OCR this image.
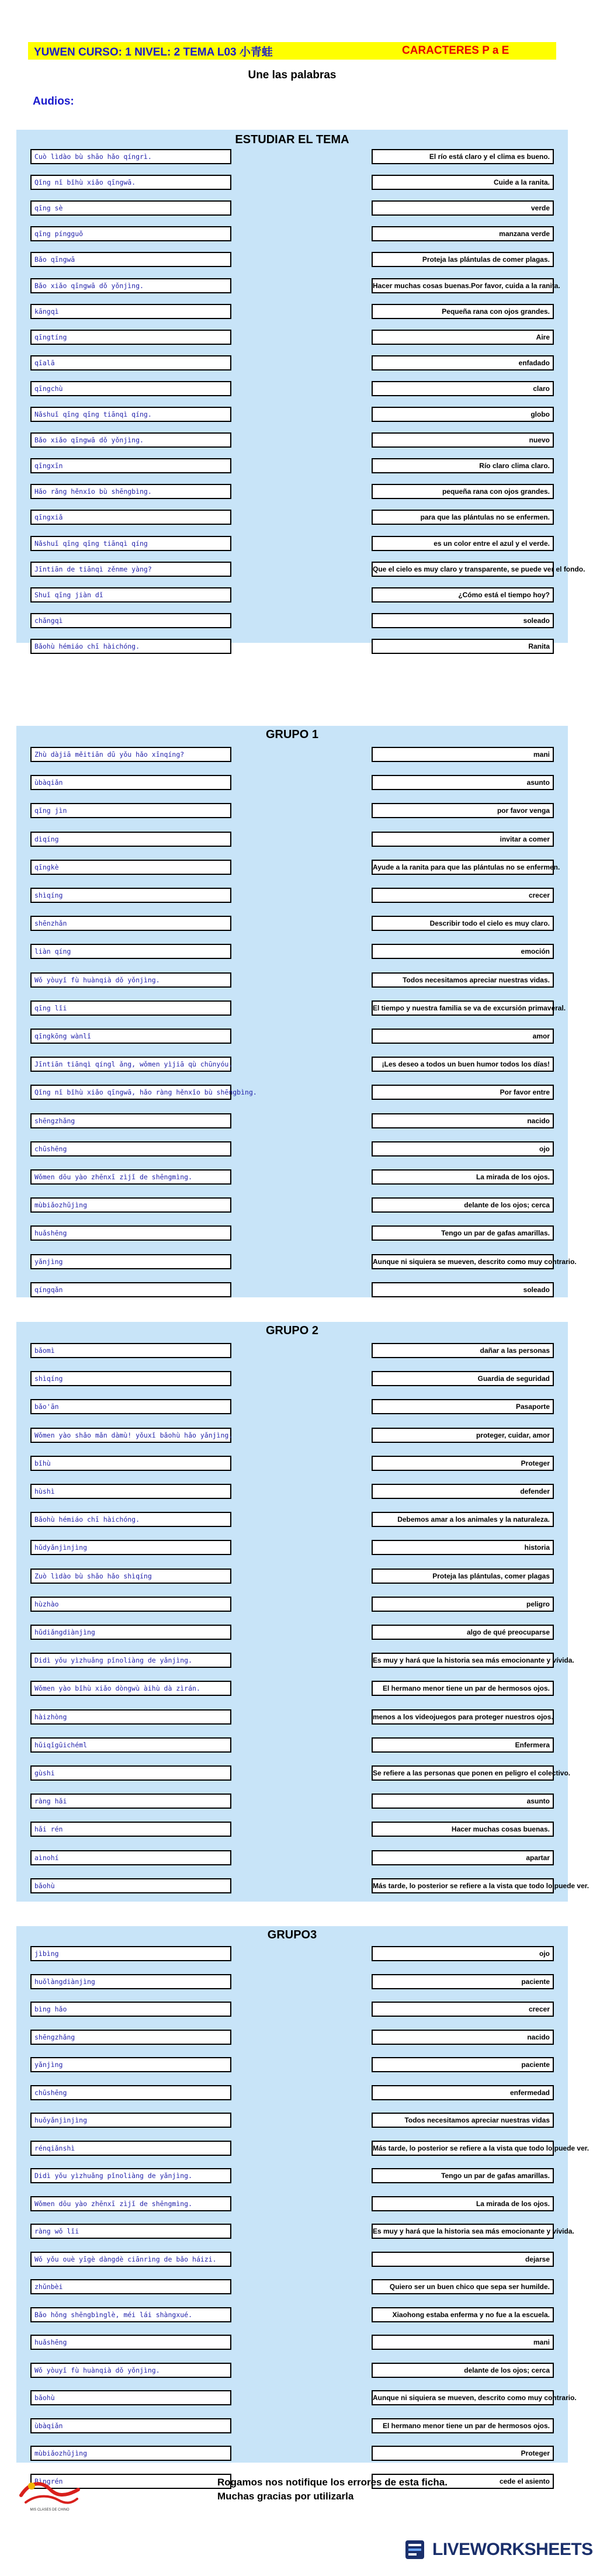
YUWEN CURSO: 1 NIVEL: 2 TEMA L03 小青蛙	CARACTERES P a E
Une las palabras
Audios:
ESTUDIAR EL TEMA
Cuò lìdào bù shāo hǎo qíngrì.	El río está claro y el clima es bueno.
Qǐng nǐ bǐhù xiǎo qīngwā.	Cuide a la ranita.
qīng sè	verde
qīng píngguǒ	manzana verde
Bǎo qīngwā	Proteja las plántulas de comer plagas.
Bǎo xiǎo qīngwā dǒ yǒnjìng.	Hacer muchas cosas buenas.Por favor, cuida a la ranita.
kāngqì	Pequeña rana con ojos grandes.
qīngtíng	Aire
qīalā	enfadado
qīngchù	claro
Nǎshuǐ qīng qīng tiānqì qíng.	globo
Bǎo xiǎo qīngwā dǒ yǒnjìng.	nuevo
qīngxīn	Río claro clima claro.
Hǎo rǎng hěnxǐo bù shēngbìng.	pequeña rana con ojos grandes.
qīngxiǎ	para que las plántulas no se enfermen.
Nǎshuǐ qīng qīng tiānqì qíng	es un color entre el azul y el verde.
Jīntiān de tiānqì zěnme yàng?	Que el cielo es muy claro y transparente, se puede ver el fondo.
Shuǐ qīng jiàn dǐ	¿Cómo está el tiempo hoy?
chǎngqì	soleado
Bǎohù hémiáo chī hàichóng.	Ranita
GRUPO 1
Zhù dàjiā měitiān dū yǒu hǎo xīnqíng?	mani
ùbàqiǎn	asunto
qǐng jìn	por favor venga
dìqíng	invitar a comer
qīngkè	Ayude a la ranita para que las plántulas no se enfermen.
shìqíng	crecer
shēnzhǎn	Describir todo el cielo es muy claro.
liàn qíng	emoción
Wǒ yòuyǐ fù huànqià dǒ yǒnjìng.	Todos necesitamos apreciar nuestras vidas.
qīng lǐi	El tiempo y nuestra familia se va de excursión primaveral.
qīngkōng wànlǐ	amor
Jīntiān tiānqì qíngl ǎng, wǒmen yìjiā qù chūnyóu.	¡Les deseo a todos un buen humor todos los días!
Qǐng nǐ bǐhù xiǎo qīngwā, hǎo ràng hěnxǐo bù shēngbìng.	Por favor entre
shēngzhǎng	nacido
chūshēng	ojo
Wǒmen dōu yào zhēnxī zìjǐ de shēngmìng.	La mirada de los ojos.
mùbiǎozhǔjìng	delante de los ojos; cerca
huǎshēng	Tengo un par de gafas amarillas.
yǎnjìng	Aunque ni siquiera se mueven, descrito como muy contrario.
qíngqǎn	soleado
GRUPO 2
bǎomì	dañar a las personas
shìqíng	Guardia de seguridad
bǎo'ān	Pasaporte
Wǒmen yào shǎo mǎn dàmù! yǒuxǐ bǎohù hǎo yǎnjìng.	proteger, cuidar, amor
bǐhù	Proteger
hùshì	defender
Bǎohù hémiáo chī hàichóng.	Debemos amar a los animales y la naturaleza.
hǔdyǎnjìnjìng	historia
Zuò lìdào bù shǎo hǎo shìqíng	Proteja las plántulas, comer plagas
hùzhào	peligro
hǔdiǎngdiànjìng	algo de qué preocuparse
Didì yǒu yìzhuǎng pǐnoliàng de yǎnjìng.	Es muy y hará que la historia sea más emocionante y vívida.
Wǒmen yào bǐhù xiǎo dòngwù àihù dà zìrán.	El hermano menor tiene un par de hermosos ojos.
hàizhòng	menos a los videojuegos para proteger nuestros ojos.
hǔiqǐgūichéml	Enfermera
gùshi	Se refiere a las personas que ponen en peligro el colectivo.
ràng hǎi	asunto
hǎi rén	Hacer muchas cosas buenas.
aìnohí	apartar
bǎohù	Más tarde, lo posterior se refiere a la vista que todo lo puede ver.
GRUPO3
jìbìng	ojo
huǒlàngdiànjìng	paciente
bìng hǎo	crecer
shēngzhǎng	nacido
yǎnjìng	paciente
chūshēng	enfermedad
huǒyǎnjìnjìng	Todos necesitamos apreciar nuestras vidas
rénqiǎnshì	Más tarde, lo posterior se refiere a la vista que todo lo puede ver.
Didì yǒu yìzhuǎng pǐnoliàng de yǎnjìng.	Tengo un par de gafas amarillas.
Wǒmen dōu yào zhēnxī zìjǐ de shēngmìng.	La mirada de los ojos.
ràng wǒ lǐi	Es muy y hará que la historia sea más emocionante y vívida.
Wǒ yǒu ouè yīgè dàngdè ciānrìng de bǎo háizi.	dejarse
zhǔnbèi	Quiero ser un buen chico que sepa ser humilde.
Bǎo hǒng shēngbìnglè, méi lái shàngxué.	Xiaohong estaba enferma y no fue a la escuela.
huǎshēng	mani
Wǒ yòuyǐ fù huànqià dǒ yǒnjìng.	delante de los ojos; cerca
bǎohù	Aunque ni siquiera se mueven, descrito como muy contrario.
ùbàqiǎn	El hermano menor tiene un par de hermosos ojos.
mùbiǎozhǔjìng	Proteger
Bìngrén	cede el asiento
MIS CLASES DE CHINO
Rogamos nos notifique los errores de esta ficha.
Muchas gracias por utilizarla
LIVEWORKSHEETS
